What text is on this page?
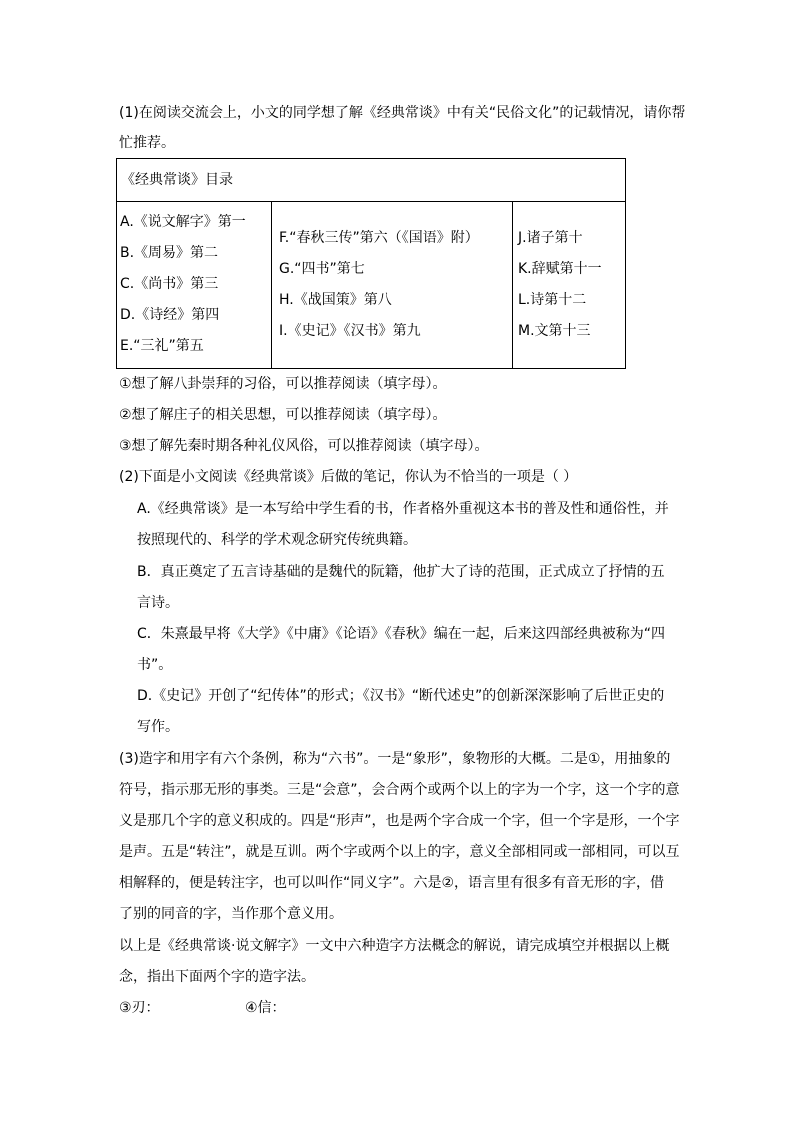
(1)在阅读交流会上，小文的同学想了解《经典常谈》中有关“民俗文化”的记载情况，请你帮
忙推荐。
《经典常谈》目录

A.《说文解字》第一
B.《周易》第二
C.《尚书》第三
D.《诗经》第四
E.“三礼”第五

F.“春秋三传”第六（《国语》附）
G.“四书”第七
H.《战国策》第八
I.《史记》《汉书》第九

J.诸子第十
K.辞赋第十一
L.诗第十二
M.文第十三
①想了解八卦崇拜的习俗，可以推荐阅读（填字母）。
②想了解庄子的相关思想，可以推荐阅读（填字母）。
③想了解先秦时期各种礼仪风俗，可以推荐阅读（填字母）。
(2)下面是小文阅读《经典常谈》后做的笔记，你认为不恰当的一项是（ ）
A.《经典常谈》是一本写给中学生看的书，作者格外重视这本书的普及性和通俗性，并
按照现代的、科学的学术观念研究传统典籍。
B．真正奠定了五言诗基础的是魏代的阮籍，他扩大了诗的范围，正式成立了抒情的五
言诗。
C．朱熹最早将《大学》《中庸》《论语》《春秋》编在一起，后来这四部经典被称为“四
书”。
D.《史记》开创了“纪传体”的形式；《汉书》“断代述史”的创新深深影响了后世正史的
写作。
(3)造字和用字有六个条例，称为“六书”。一是“象形”，象物形的大概。二是①，用抽象的
符号，指示那无形的事类。三是“会意”，会合两个或两个以上的字为一个字，这一个字的意
义是那几个字的意义积成的。四是“形声”，也是两个字合成一个字，但一个字是形，一个字
是声。五是“转注”，就是互训。两个字或两个以上的字，意义全部相同或一部相同，可以互
相解释的，便是转注字，也可以叫作“同义字”。六是②，语言里有很多有音无形的字，借
了别的同音的字，当作那个意义用。
以上是《经典常谈·说文解字》一文中六种造字方法概念的解说，请完成填空并根据以上概
念，指出下面两个字的造字法。
③刃：	④信：
